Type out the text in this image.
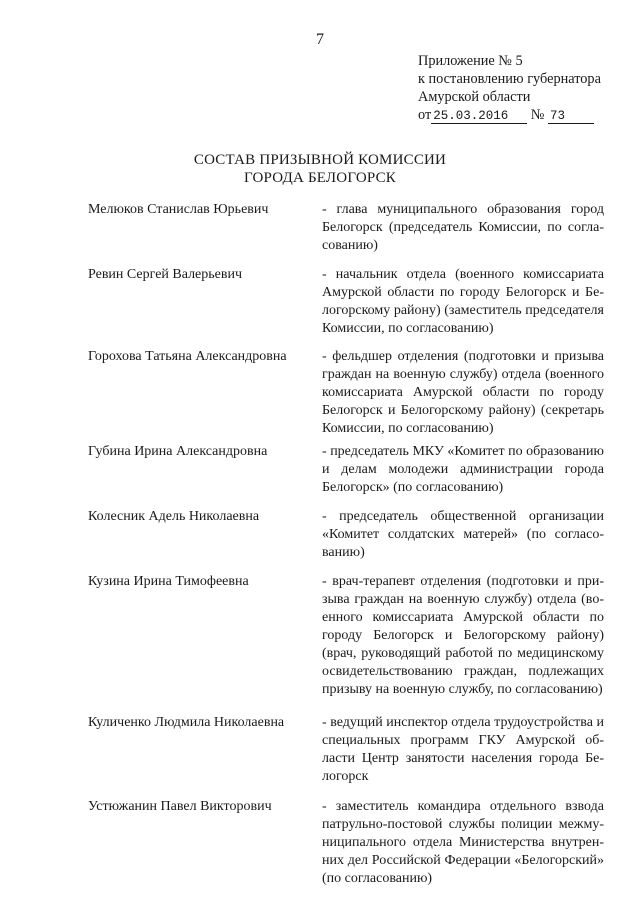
7
Приложение № 5
к постановлению губернатора
Амурской области
от 25.03.2016 № 73
СОСТАВ ПРИЗЫВНОЙ КОМИССИИ
ГОРОДА БЕЛОГОРСК
Мелюков Станислав Юрьевич	- глава муниципального образования город Белогорск (председатель Комиссии, по согласованию)
Ревин Сергей Валерьевич	- начальник отдела (военного комиссариата Амурской области по городу Белогорск и Белогорскому району) (заместитель председателя Комиссии, по согласованию)
Горохова Татьяна Александровна	- фельдшер отделения (подготовки и призыва граждан на военную службу) отдела (военного комиссариата Амурской области по городу Белогорск и Белогорскому району) (секретарь Комиссии, по согласованию)
Губина Ирина Александровна	- председатель МКУ «Комитет по образованию и делам молодежи администрации города Белогорск» (по согласованию)
Колесник Адель Николаевна	- председатель общественной организации «Комитет солдатских матерей» (по согласованию)
Кузина Ирина Тимофеевна	- врач-терапевт отделения (подготовки и призыва граждан на военную службу) отдела (военного комиссариата Амурской области по городу Белогорск и Белогорскому району) (врач, руководящий работой по медицинскому освидетельствованию граждан, подлежащих призыву на военную службу, по согласованию)
Куличенко Людмила Николаевна	- ведущий инспектор отдела трудоустройства и специальных программ ГКУ Амурской области Центр занятости населения города Белогорск
Устюжанин Павел Викторович	- заместитель командира отдельного взвода патрульно-постовой службы полиции межмуниципального отдела Министерства внутренних дел Российской Федерации «Белогорский» (по согласованию)
